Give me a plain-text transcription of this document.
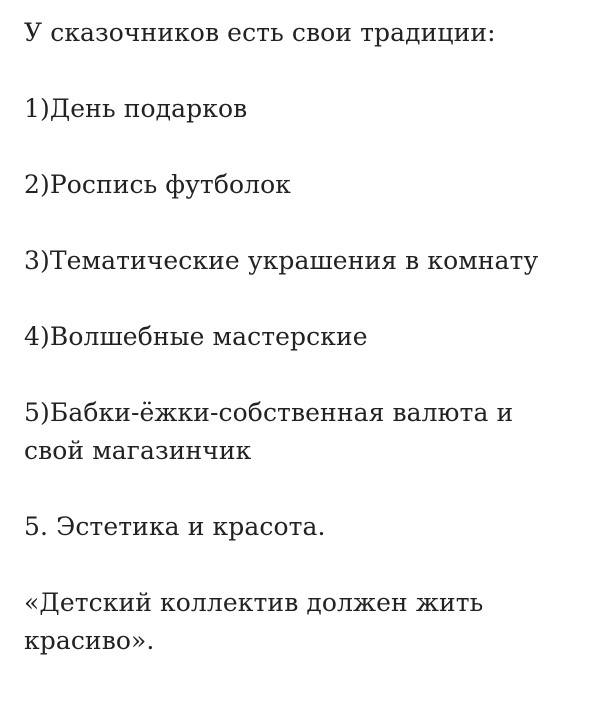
У сказочников есть свои традиции:

1)День подарков

2)Роспись футболок

3)Тематические украшения в комнату

4)Волшебные мастерские

5)Бабки-ёжки-собственная валюта и свой магазинчик

5. Эстетика и красота.

«Детский коллектив должен жить красиво».
